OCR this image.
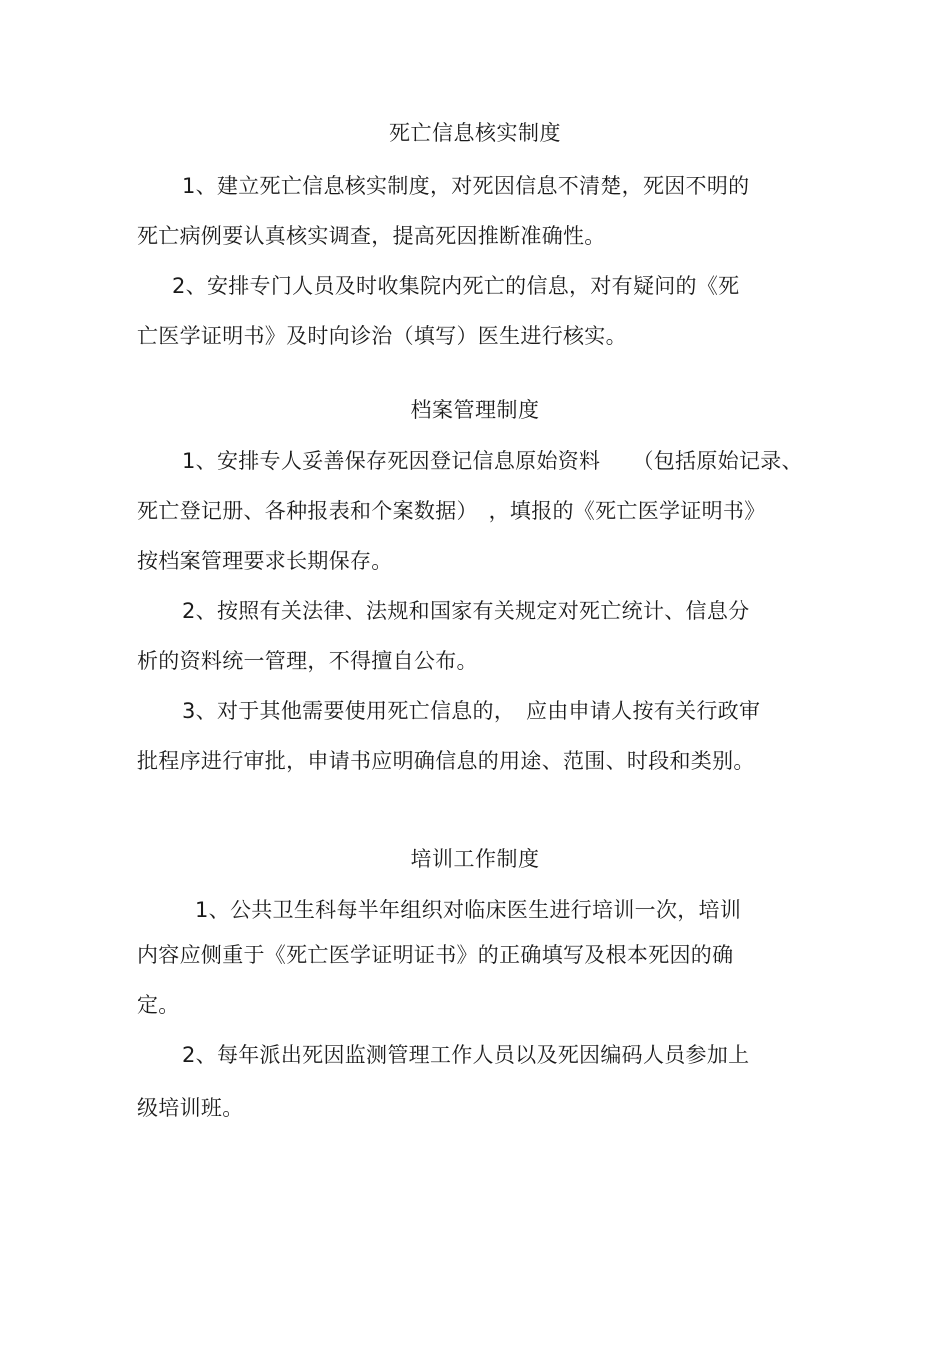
死亡信息核实制度
1、建立死亡信息核实制度，对死因信息不清楚，死因不明的
死亡病例要认真核实调查，提高死因推断准确性。
2、安排专门人员及时收集院内死亡的信息，对有疑问的《死
亡医学证明书》及时向诊治（填写）医生进行核实。
档案管理制度
1、安排专人妥善保存死因登记信息原始资料　　（包括原始记录、
死亡登记册、各种报表和个案数据）　，填报的《死亡医学证明书》
按档案管理要求长期保存。
2、按照有关法律、法规和国家有关规定对死亡统计、信息分
析的资料统一管理，不得擅自公布。
3、对于其他需要使用死亡信息的，　应由申请人按有关行政审
批程序进行审批，申请书应明确信息的用途、范围、时段和类别。
培训工作制度
1、公共卫生科每半年组织对临床医生进行培训一次，培训
内容应侧重于《死亡医学证明证书》的正确填写及根本死因的确
定。
2、每年派出死因监测管理工作人员以及死因编码人员参加上
级培训班。
